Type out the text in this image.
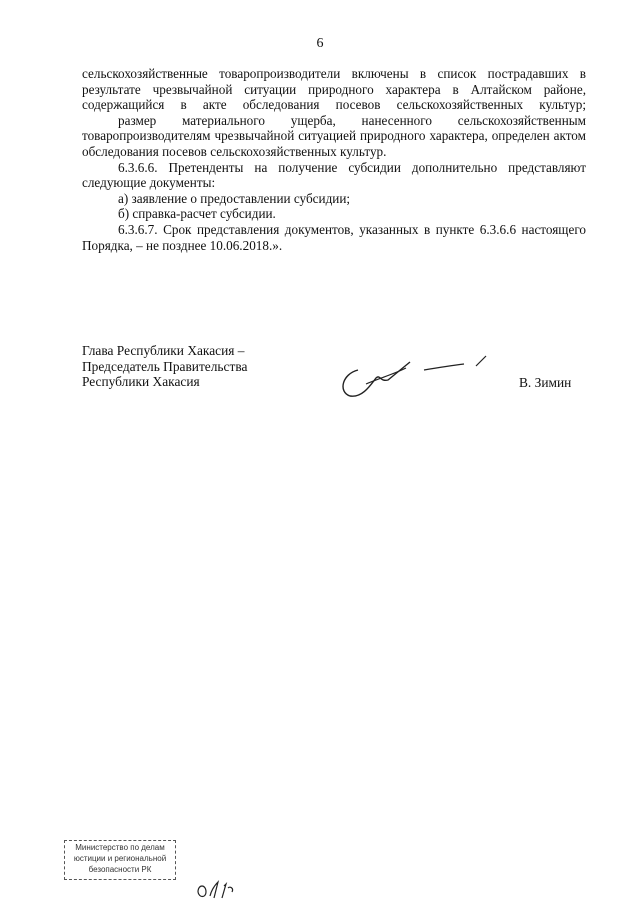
6

сельскохозяйственные товаропроизводители включены в список пострадавших в результате чрезвычайной ситуации природного характера в Алтайском районе, содержащийся в акте обследования посевов сельскохозяйственных культур;

размер материального ущерба, нанесенного сельскохозяйственным товаропроизводителям чрезвычайной ситуацией природного характера, определен актом обследования посевов сельскохозяйственных культур.

6.3.6.6. Претенденты на получение субсидии дополнительно представляют следующие документы:

а) заявление о предоставлении субсидии;

б) справка-расчет субсидии.

6.3.6.7. Срок представления документов, указанных в пункте 6.3.6.6 настоящего Порядка, – не позднее 10.06.2018.».

Глава Республики Хакасия –
Председатель Правительства
Республики Хакасия	В. Зимин
Министерство по делам
юстиции и региональной
безопасности РК
